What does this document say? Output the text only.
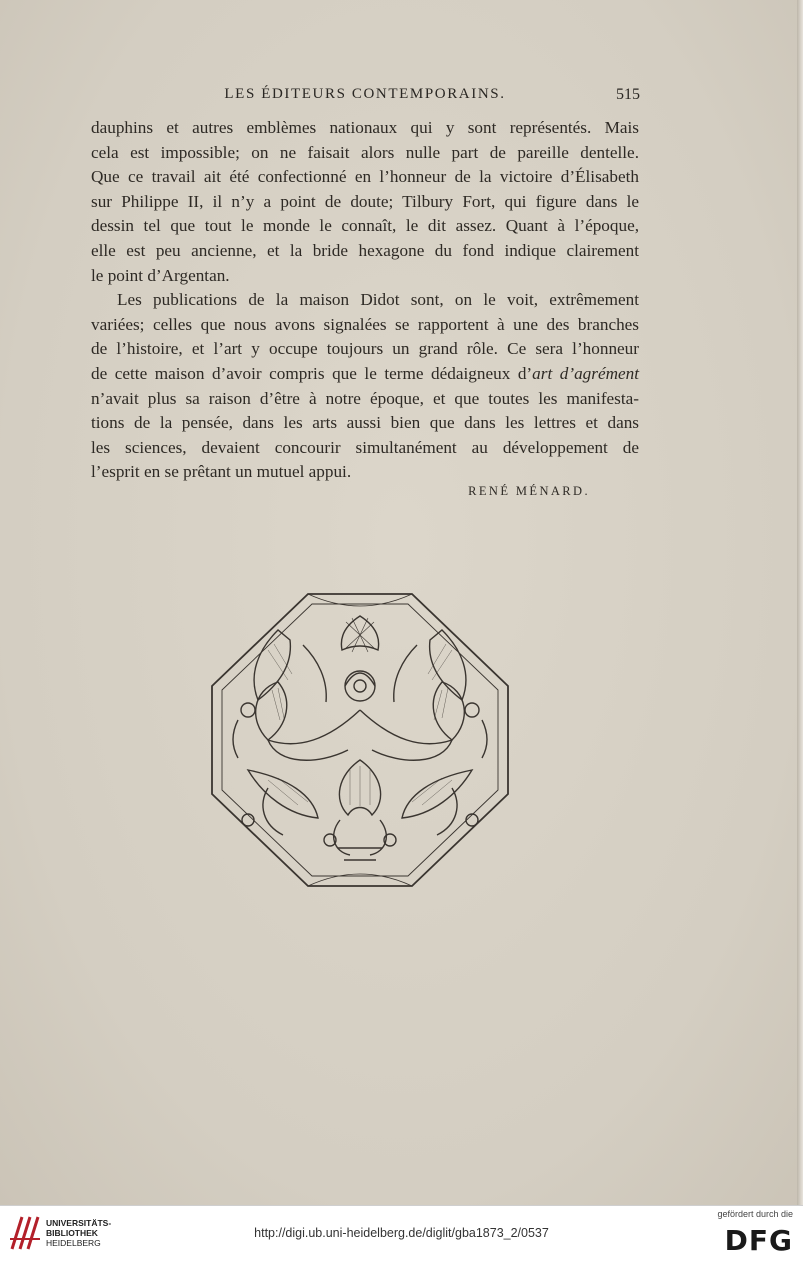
LES ÉDITEURS CONTEMPORAINS.	515
dauphins et autres emblèmes nationaux qui y sont représentés. Mais
cela est impossible; on ne faisait alors nulle part de pareille dentelle.
Que ce travail ait été confectionné en l’honneur de la victoire d’Élisabeth
sur Philippe II, il n’y a point de doute; Tilbury Fort, qui figure dans le
dessin tel que tout le monde le connaît, le dit assez. Quant à l’époque,
elle est peu ancienne, et la bride hexagone du fond indique clairement
le point d’Argentan.
Les publications de la maison Didot sont, on le voit, extrêmement
variées; celles que nous avons signalées se rapportent à une des branches
de l’histoire, et l’art y occupe toujours un grand rôle. Ce sera l’honneur
de cette maison d’avoir compris que le terme dédaigneux d’art d’agrément
n’avait plus sa raison d’être à notre époque, et que toutes les manifesta-
tions de la pensée, dans les arts aussi bien que dans les lettres et dans
les sciences, devaient concourir simultanément au développement de
l’esprit en se prêtant un mutuel appui.
RENÉ MÉNARD.
UNIVERSITÄTS-
BIBLIOTHEK
HEIDELBERG
http://digi.ub.uni-heidelberg.de/diglit/gba1873_2/0537
gefördert durch die
DFG
